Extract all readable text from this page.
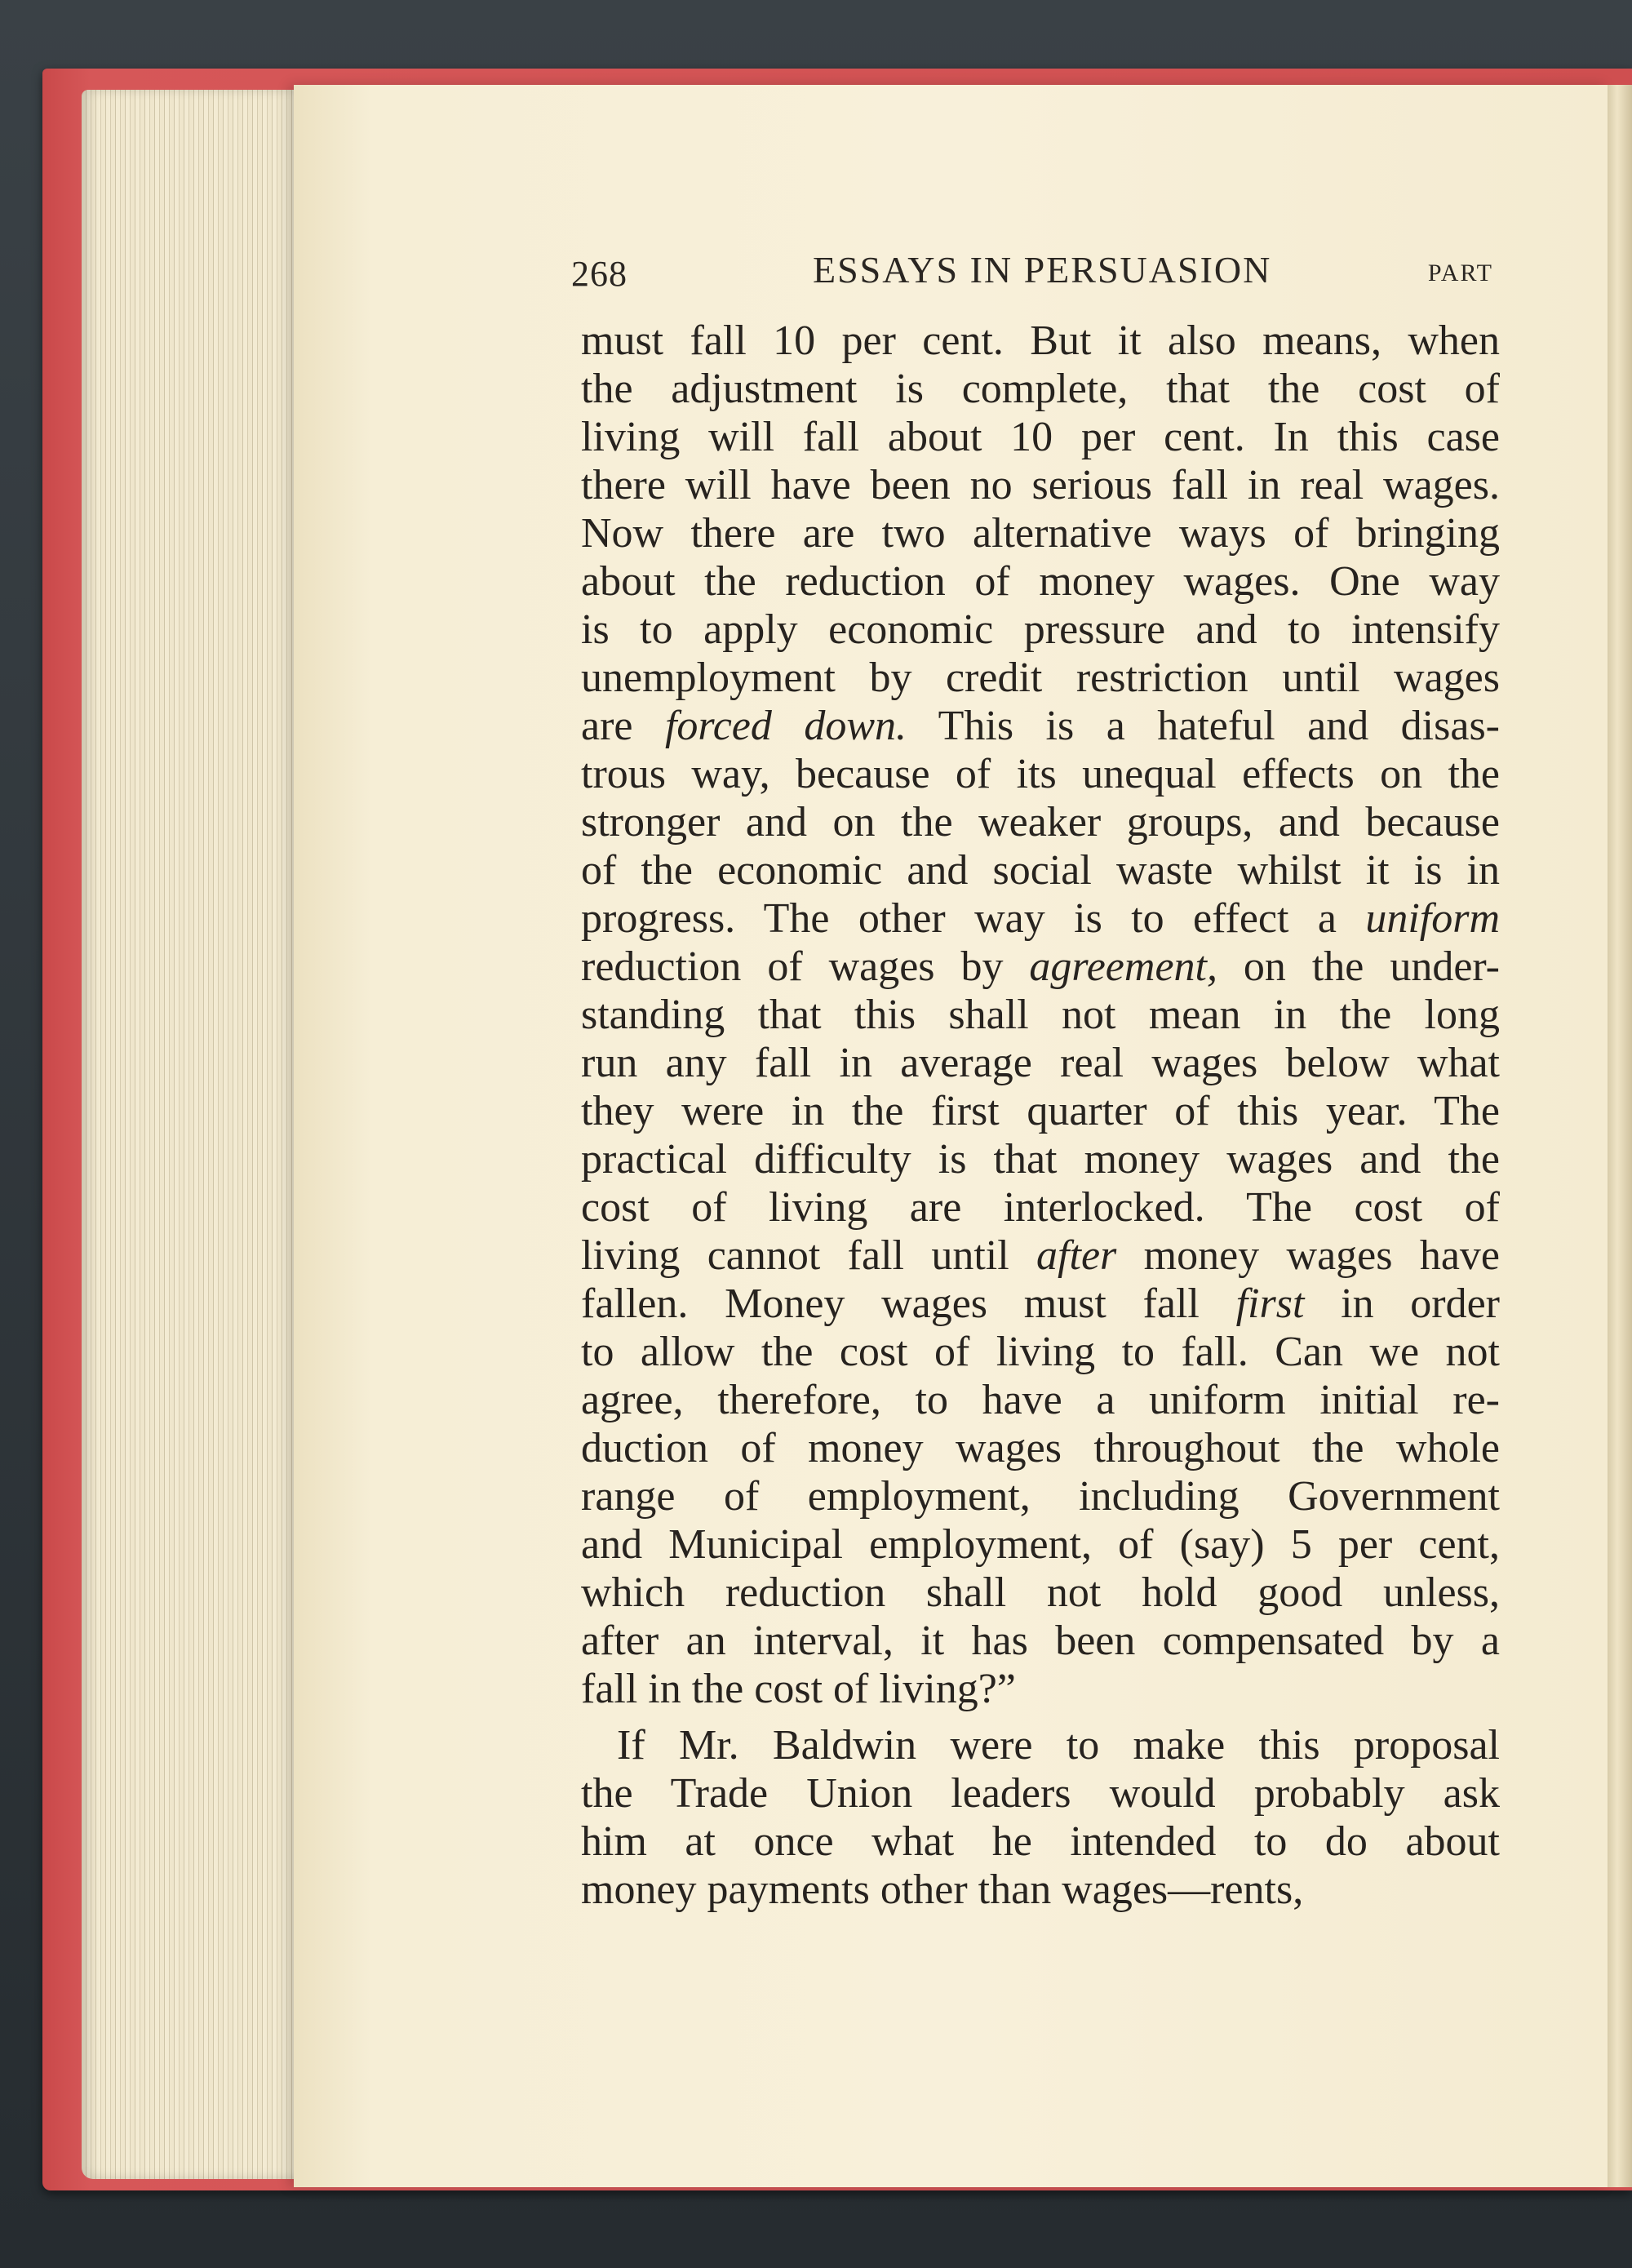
268	ESSAYS IN PERSUASION	PART
must fall 10 per cent. But it also means, when
the adjustment is complete, that the cost of
living will fall about 10 per cent. In this case
there will have been no serious fall in real wages.
Now there are two alternative ways of bringing
about the reduction of money wages. One way
is to apply economic pressure and to intensify
unemployment by credit restriction until wages
are forced down. This is a hateful and disas-
trous way, because of its unequal effects on the
stronger and on the weaker groups, and because
of the economic and social waste whilst it is in
progress. The other way is to effect a uniform
reduction of wages by agreement, on the under-
standing that this shall not mean in the long
run any fall in average real wages below what
they were in the first quarter of this year. The
practical difficulty is that money wages and the
cost of living are interlocked. The cost of
living cannot fall until after money wages have
fallen. Money wages must fall first in order
to allow the cost of living to fall. Can we not
agree, therefore, to have a uniform initial re-
duction of money wages throughout the whole
range of employment, including Government
and Municipal employment, of (say) 5 per cent,
which reduction shall not hold good unless,
after an interval, it has been compensated by a
fall in the cost of living?”
If Mr. Baldwin were to make this proposal
the Trade Union leaders would probably ask
him at once what he intended to do about
money payments other than wages—rents,
